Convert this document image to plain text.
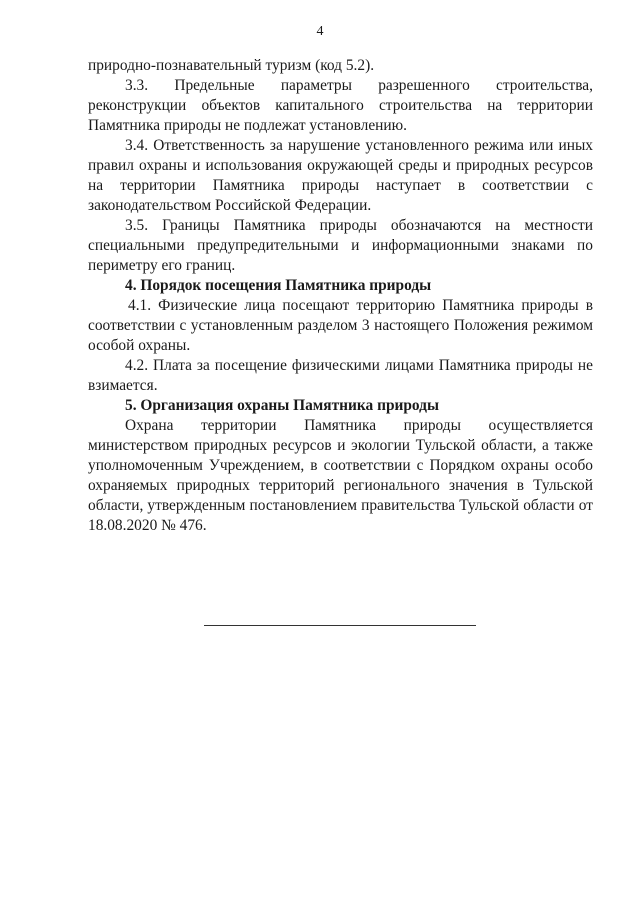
4

природно-познавательный туризм (код 5.2).

3.3. Предельные параметры разрешенного строительства, реконструкции объектов капитального строительства на территории Памятника природы не подлежат установлению.

3.4. Ответственность за нарушение установленного режима или иных правил охраны и использования окружающей среды и природных ресурсов на территории Памятника природы наступает в соответствии с законодательством Российской Федерации.

3.5. Границы Памятника природы обозначаются на местности специальными предупредительными и информационными знаками по периметру его границ.

4. Порядок посещения Памятника природы

4.1. Физические лица посещают территорию Памятника природы в соответствии с установленным разделом 3 настоящего Положения режимом особой охраны.

4.2. Плата за посещение физическими лицами Памятника природы не взимается.

5. Организация охраны Памятника природы

Охрана территории Памятника природы осуществляется министерством природных ресурсов и экологии Тульской области, а также уполномоченным Учреждением, в соответствии с Порядком охраны особо охраняемых природных территорий регионального значения в Тульской области, утвержденным постановлением правительства Тульской области от 18.08.2020 № 476.
